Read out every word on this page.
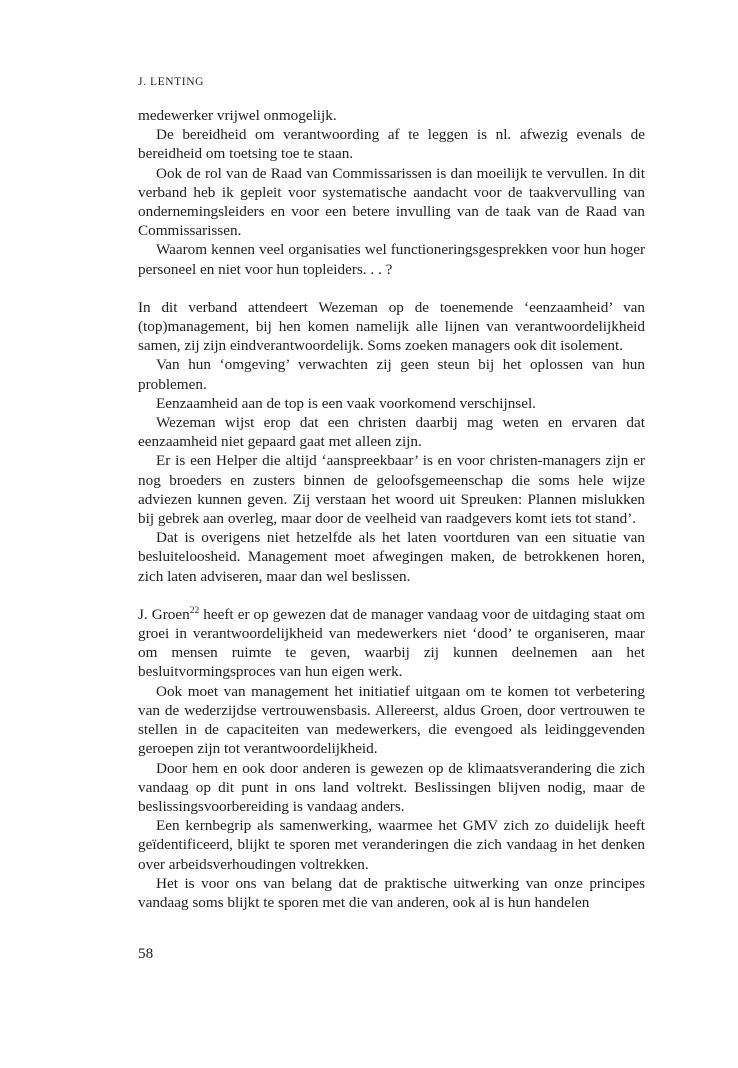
J. LENTING

medewerker vrijwel onmogelijk.

De bereidheid om verantwoording af te leggen is nl. afwezig evenals de bereidheid om toetsing toe te staan.

Ook de rol van de Raad van Commissarissen is dan moeilijk te vervullen. In dit verband heb ik gepleit voor systematische aandacht voor de taakvervulling van ondernemingsleiders en voor een betere invulling van de taak van de Raad van Commissarissen.

Waarom kennen veel organisaties wel functioneringsgesprekken voor hun hoger personeel en niet voor hun topleiders. . . ?

In dit verband attendeert Wezeman op de toenemende ‘eenzaamheid’ van (top)management, bij hen komen namelijk alle lijnen van verantwoordelijkheid samen, zij zijn eindverantwoordelijk. Soms zoeken managers ook dit isolement.

Van hun ‘omgeving’ verwachten zij geen steun bij het oplossen van hun problemen.

Eenzaamheid aan de top is een vaak voorkomend verschijnsel.

Wezeman wijst erop dat een christen daarbij mag weten en ervaren dat eenzaamheid niet gepaard gaat met alleen zijn.

Er is een Helper die altijd ‘aanspreekbaar’ is en voor christen-managers zijn er nog broeders en zusters binnen de geloofsgemeenschap die soms hele wijze adviezen kunnen geven. Zij verstaan het woord uit Spreuken: Plannen mislukken bij gebrek aan overleg, maar door de veelheid van raadgevers komt iets tot stand’.

Dat is overigens niet hetzelfde als het laten voortduren van een situatie van besluiteloosheid. Management moet afwegingen maken, de betrokkenen horen, zich laten adviseren, maar dan wel beslissen.

J. Groen$^{22}$ heeft er op gewezen dat de manager vandaag voor de uitdaging staat om groei in verantwoordelijkheid van medewerkers niet ‘dood’ te organiseren, maar om mensen ruimte te geven, waarbij zij kunnen deelnemen aan het besluitvormingsproces van hun eigen werk.

Ook moet van management het initiatief uitgaan om te komen tot verbetering van de wederzijdse vertrouwensbasis. Allereerst, aldus Groen, door vertrouwen te stellen in de capaciteiten van medewerkers, die evengoed als leidinggevenden geroepen zijn tot verantwoordelijkheid.

Door hem en ook door anderen is gewezen op de klimaatsverandering die zich vandaag op dit punt in ons land voltrekt. Beslissingen blijven nodig, maar de beslissingsvoorbereiding is vandaag anders.

Een kernbegrip als samenwerking, waarmee het GMV zich zo duidelijk heeft geïdentificeerd, blijkt te sporen met veranderingen die zich vandaag in het denken over arbeidsverhoudingen voltrekken.

Het is voor ons van belang dat de praktische uitwerking van onze principes vandaag soms blijkt te sporen met die van anderen, ook al is hun handelen

58
